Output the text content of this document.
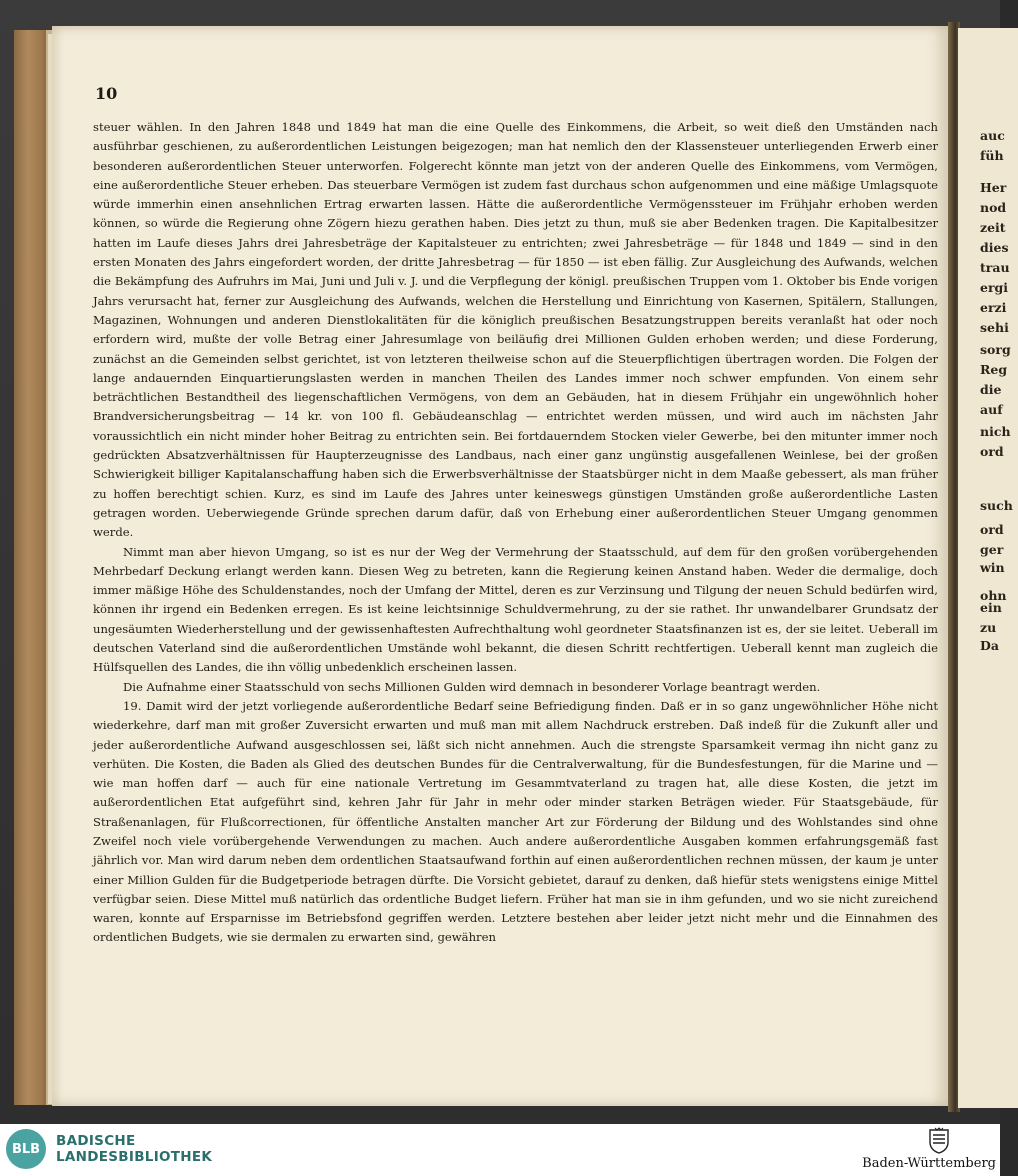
auc
füh
Her
nod
zeit
dies
trau
ergi
erzi
sehi
sorg
Reg
die
auf
nich
ord
such
ord
ger
win
ein
zu
Da
ohn
10

steuer wählen. In den Jahren 1848 und 1849 hat man die eine Quelle des Einkommens, die Arbeit, so weit dieß den Umständen nach ausführbar geschienen, zu außerordentlichen Leistungen beigezogen; man hat nemlich den der Klassensteuer unterliegenden Erwerb einer besonderen außerordentlichen Steuer unterworfen. Folgerecht könnte man jetzt von der anderen Quelle des Einkommens, vom Vermögen, eine außerordentliche Steuer erheben. Das steuerbare Vermögen ist zudem fast durchaus schon aufgenommen und eine mäßige Umlagsquote würde immerhin einen ansehnlichen Ertrag erwarten lassen. Hätte die außerordentliche Vermögenssteuer im Frühjahr erhoben werden können, so würde die Regierung ohne Zögern hiezu gerathen haben. Dies jetzt zu thun, muß sie aber Bedenken tragen. Die Kapitalbesitzer hatten im Laufe dieses Jahrs drei Jahresbeträge der Kapitalsteuer zu entrichten; zwei Jahresbeträge — für 1848 und 1849 — sind in den ersten Monaten des Jahrs eingefordert worden, der dritte Jahresbetrag — für 1850 — ist eben fällig. Zur Ausgleichung des Aufwands, welchen die Bekämpfung des Aufruhrs im Mai, Juni und Juli v. J. und die Verpflegung der königl. preußischen Truppen vom 1. Oktober bis Ende vorigen Jahrs verursacht hat, ferner zur Ausgleichung des Aufwands, welchen die Herstellung und Einrichtung von Kasernen, Spitälern, Stallungen, Magazinen, Wohnungen und anderen Dienstlokalitäten für die königlich preußischen Besatzungstruppen bereits veranlaßt hat oder noch erfordern wird, mußte der volle Betrag einer Jahresumlage von beiläufig drei Millionen Gulden erhoben werden; und diese Forderung, zunächst an die Gemeinden selbst gerichtet, ist von letzteren theilweise schon auf die Steuerpflichtigen übertragen worden. Die Folgen der lange andauernden Einquartierungslasten werden in manchen Theilen des Landes immer noch schwer empfunden. Von einem sehr beträchtlichen Bestandtheil des liegenschaftlichen Vermögens, von dem an Gebäuden, hat in diesem Frühjahr ein ungewöhnlich hoher Brandversicherungsbeitrag — 14 kr. von 100 fl. Gebäudeanschlag — entrichtet werden müssen, und wird auch im nächsten Jahr voraussichtlich ein nicht minder hoher Beitrag zu entrichten sein. Bei fortdauerndem Stocken vieler Gewerbe, bei den mitunter immer noch gedrückten Absatzverhältnissen für Haupterzeugnisse des Landbaus, nach einer ganz ungünstig ausgefallenen Weinlese, bei der großen Schwierigkeit billiger Kapitalanschaffung haben sich die Erwerbsverhältnisse der Staatsbürger nicht in dem Maaße gebessert, als man früher zu hoffen berechtigt schien. Kurz, es sind im Laufe des Jahres unter keineswegs günstigen Umständen große außerordentliche Lasten getragen worden. Ueberwiegende Gründe sprechen darum dafür, daß von Erhebung einer außerordentlichen Steuer Umgang genommen werde.

Nimmt man aber hievon Umgang, so ist es nur der Weg der Vermehrung der Staatsschuld, auf dem für den großen vorübergehenden Mehrbedarf Deckung erlangt werden kann. Diesen Weg zu betreten, kann die Regierung keinen Anstand haben. Weder die dermalige, doch immer mäßige Höhe des Schuldenstandes, noch der Umfang der Mittel, deren es zur Verzinsung und Tilgung der neuen Schuld bedürfen wird, können ihr irgend ein Bedenken erregen. Es ist keine leichtsinnige Schuldvermehrung, zu der sie rathet. Ihr unwandelbarer Grundsatz der ungesäumten Wiederherstellung und der gewissenhaftesten Aufrechthaltung wohl geordneter Staatsfinanzen ist es, der sie leitet. Ueberall im deutschen Vaterland sind die außerordentlichen Umstände wohl bekannt, die diesen Schritt rechtfertigen. Ueberall kennt man zugleich die Hülfsquellen des Landes, die ihn völlig unbedenklich erscheinen lassen.

Die Aufnahme einer Staatsschuld von sechs Millionen Gulden wird demnach in besonderer Vorlage beantragt werden.

19. Damit wird der jetzt vorliegende außerordentliche Bedarf seine Befriedigung finden. Daß er in so ganz ungewöhnlicher Höhe nicht wiederkehre, darf man mit großer Zuversicht erwarten und muß man mit allem Nachdruck erstreben. Daß indeß für die Zukunft aller und jeder außerordentliche Aufwand ausgeschlossen sei, läßt sich nicht annehmen. Auch die strengste Sparsamkeit vermag ihn nicht ganz zu verhüten. Die Kosten, die Baden als Glied des deutschen Bundes für die Centralverwaltung, für die Bundesfestungen, für die Marine und — wie man hoffen darf — auch für eine nationale Vertretung im Gesammtvaterland zu tragen hat, alle diese Kosten, die jetzt im außerordentlichen Etat aufgeführt sind, kehren Jahr für Jahr in mehr oder minder starken Beträgen wieder. Für Staatsgebäude, für Straßenanlagen, für Flußcorrectionen, für öffentliche Anstalten mancher Art zur Förderung der Bildung und des Wohlstandes sind ohne Zweifel noch viele vorübergehende Verwendungen zu machen. Auch andere außerordentliche Ausgaben kommen erfahrungsgemäß fast jährlich vor. Man wird darum neben dem ordentlichen Staatsaufwand forthin auf einen außerordentlichen rechnen müssen, der kaum je unter einer Million Gulden für die Budgetperiode betragen dürfte. Die Vorsicht gebietet, darauf zu denken, daß hiefür stets wenigstens einige Mittel verfügbar seien. Diese Mittel muß natürlich das ordentliche Budget liefern. Früher hat man sie in ihm gefunden, und wo sie nicht zureichend waren, konnte auf Ersparnisse im Betriebsfond gegriffen werden. Letztere bestehen aber leider jetzt nicht mehr und die Einnahmen des ordentlichen Budgets, wie sie dermalen zu erwarten sind, gewähren

BLB	BADISCHE
LANDESBIBLIOTHEK	Baden-Württemberg
